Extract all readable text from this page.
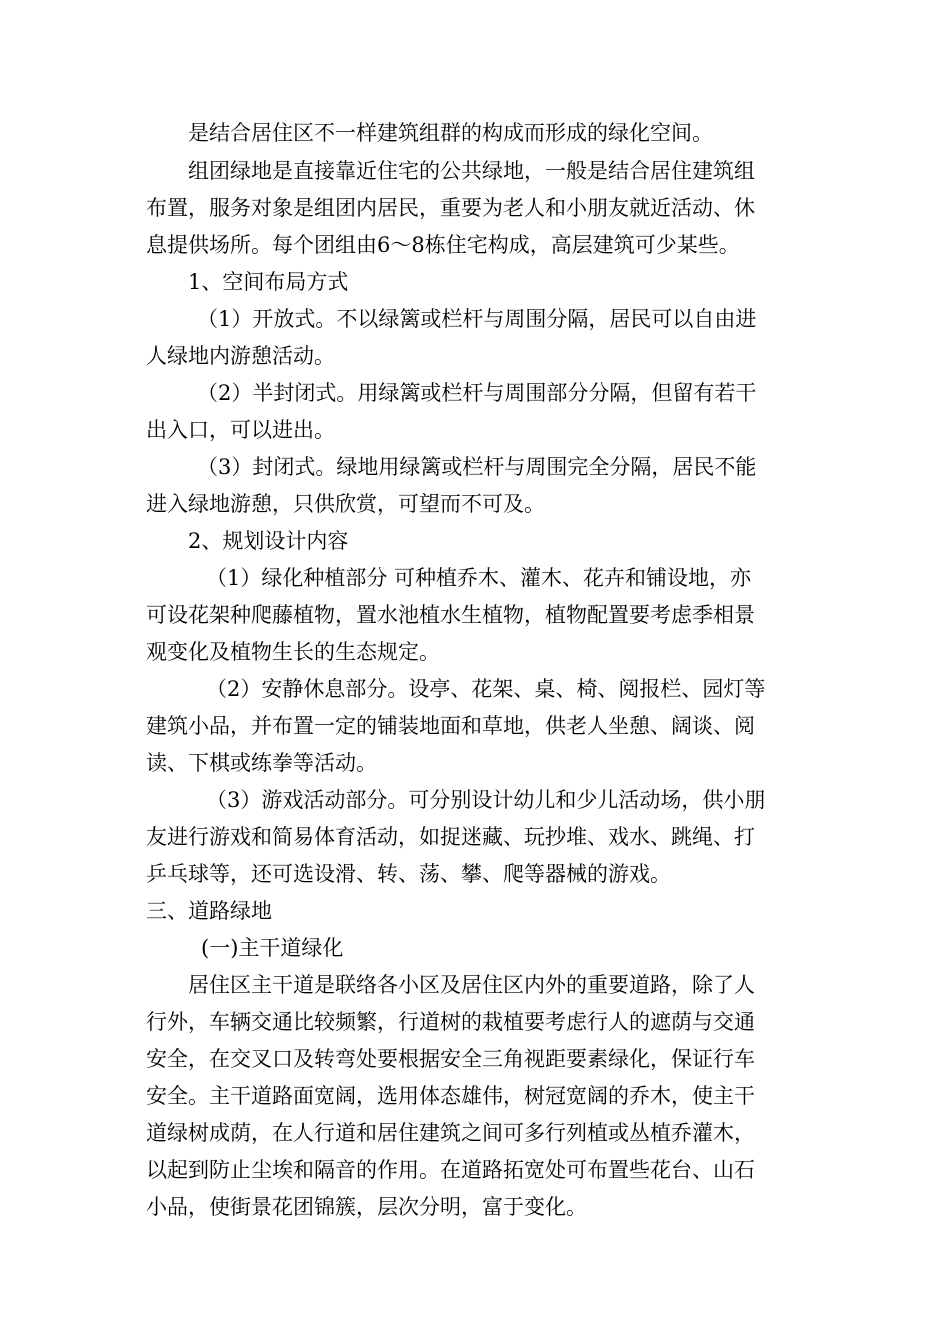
是结合居住区不一样建筑组群的构成而形成的绿化空间。
组团绿地是直接靠近住宅的公共绿地，一般是结合居住建筑组
布置，服务对象是组团内居民，重要为老人和小朋友就近活动、休
息提供场所。每个团组由6～8栋住宅构成，高层建筑可少某些。
1、空间布局方式
（1）开放式。不以绿篱或栏杆与周围分隔，居民可以自由进
人绿地内游憩活动。
（2）半封闭式。用绿篱或栏杆与周围部分分隔，但留有若干
出入口，可以进出。
（3）封闭式。绿地用绿篱或栏杆与周围完全分隔，居民不能
进入绿地游憩，只供欣赏，可望而不可及。
2、规划设计内容
（1）绿化种植部分 可种植乔木、灌木、花卉和铺设地，亦
可设花架种爬藤植物，置水池植水生植物，植物配置要考虑季相景
观变化及植物生长的生态规定。
（2）安静休息部分。设亭、花架、桌、椅、阅报栏、园灯等
建筑小品，并布置一定的铺装地面和草地，供老人坐憩、阔谈、阅
读、下棋或练拳等活动。
（3）游戏活动部分。可分别设计幼儿和少儿活动场，供小朋
友进行游戏和简易体育活动，如捉迷藏、玩抄堆、戏水、跳绳、打
乒乓球等，还可选设滑、转、荡、攀、爬等器械的游戏。
三、道路绿地
(一)主干道绿化
居住区主干道是联络各小区及居住区内外的重要道路，除了人
行外，车辆交通比较频繁，行道树的栽植要考虑行人的遮荫与交通
安全，在交叉口及转弯处要根据安全三角视距要素绿化，保证行车
安全。主干道路面宽阔，选用体态雄伟，树冠宽阔的乔木，使主干
道绿树成荫，在人行道和居住建筑之间可多行列植或丛植乔灌木，
以起到防止尘埃和隔音的作用。在道路拓宽处可布置些花台、山石
小品，使街景花团锦簇，层次分明，富于变化。
